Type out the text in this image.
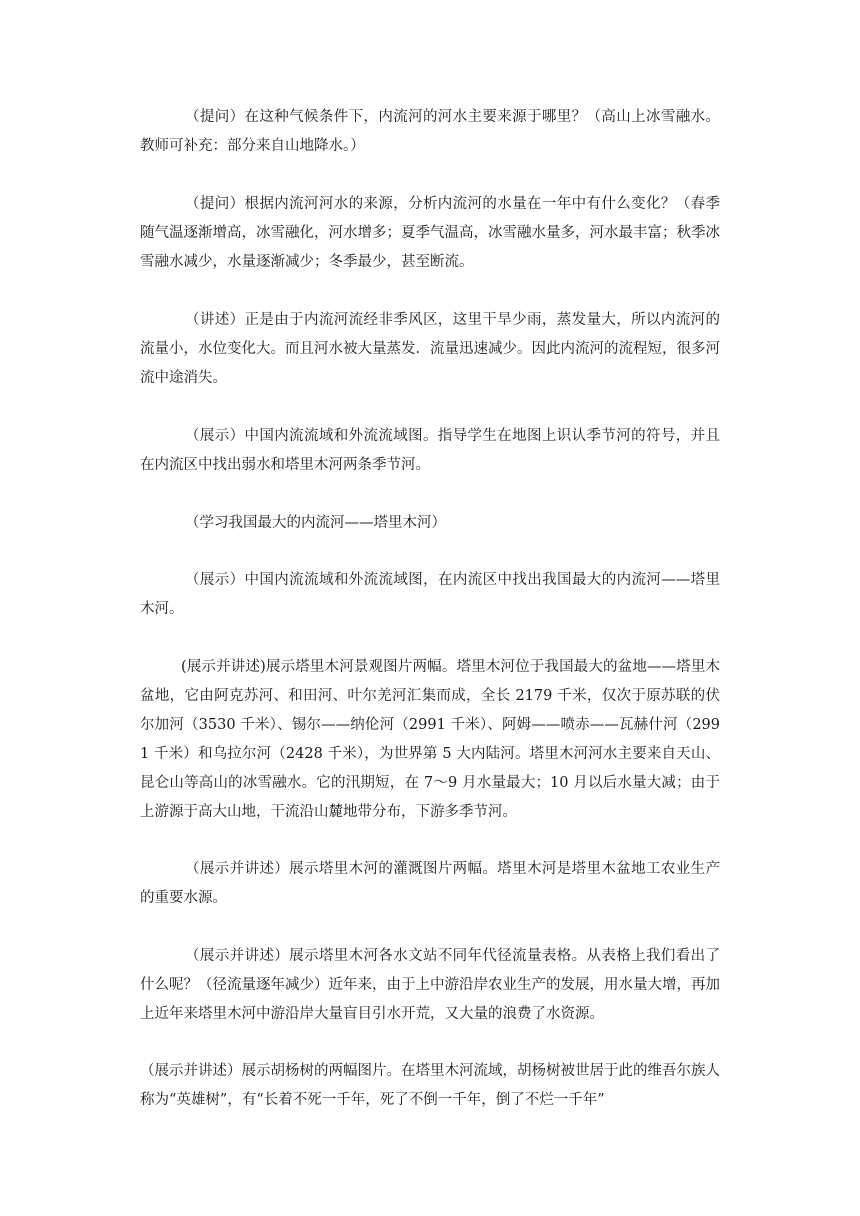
（提问）在这种气候条件下，内流河的河水主要来源于哪里？（高山上冰雪融水。教师可补充：部分来自山地降水。）

（提问）根据内流河河水的来源，分析内流河的水量在一年中有什么变化？（春季随气温逐渐增高，冰雪融化，河水增多；夏季气温高，冰雪融水量多，河水最丰富；秋季冰雪融水减少，水量逐渐减少；冬季最少，甚至断流。

（讲述）正是由于内流河流经非季风区，这里干旱少雨，蒸发量大，所以内流河的流量小，水位变化大。而且河水被大量蒸发．流量迅速减少。因此内流河的流程短，很多河流中途消失。

（展示）中国内流流域和外流流域图。指导学生在地图上识认季节河的符号，并且在内流区中找出弱水和塔里木河两条季节河。

（学习我国最大的内流河——塔里木河）

（展示）中国内流流域和外流流域图，在内流区中找出我国最大的内流河——塔里木河。

(展示并讲述)展示塔里木河景观图片两幅。塔里木河位于我国最大的盆地——塔里木盆地，它由阿克苏河、和田河、叶尔羌河汇集而成，全长 2179 千米，仅次于原苏联的伏尔加河（3530 千米）、锡尔——纳伦河（2991 千米）、阿姆——喷赤——瓦赫什河（2991 千米）和乌拉尔河（2428 千米），为世界第 5 大内陆河。塔里木河河水主要来自天山、昆仑山等高山的冰雪融水。它的汛期短，在 7～9 月水量最大；10 月以后水量大减；由于上游源于高大山地，干流沿山麓地带分布，下游多季节河。

（展示并讲述）展示塔里木河的灌溉图片两幅。塔里木河是塔里木盆地工农业生产的重要水源。

（展示并讲述）展示塔里木河各水文站不同年代径流量表格。从表格上我们看出了什么呢？（径流量逐年减少）近年来，由于上中游沿岸农业生产的发展，用水量大增，再加上近年来塔里木河中游沿岸大量盲目引水开荒，又大量的浪费了水资源。

（展示并讲述）展示胡杨树的两幅图片。在塔里木河流域，胡杨树被世居于此的维吾尔族人称为“英雄树”，有“长着不死一千年，死了不倒一千年，倒了不烂一千年”
